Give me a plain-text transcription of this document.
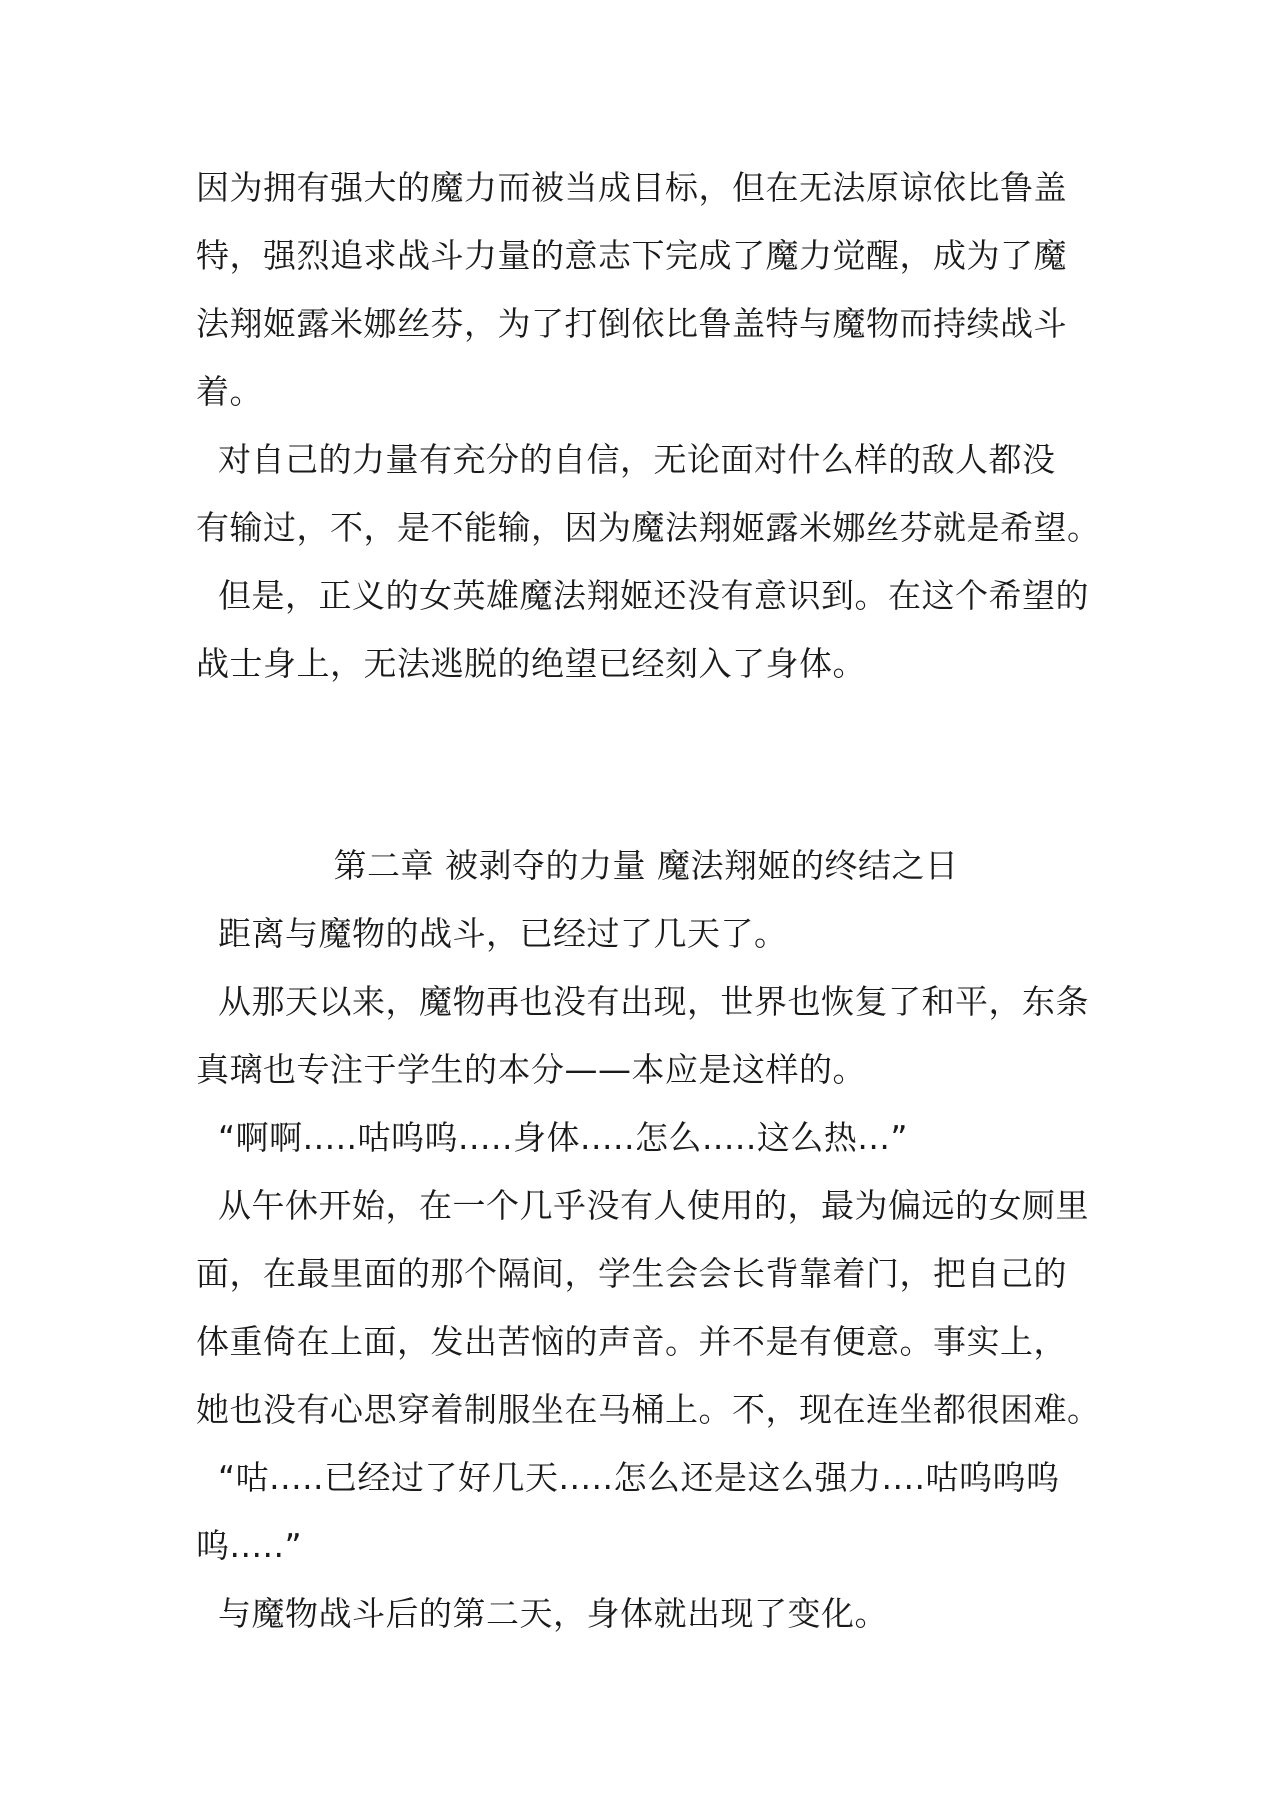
因为拥有强大的魔力而被当成目标，但在无法原谅依比鲁盖
特，强烈追求战斗力量的意志下完成了魔力觉醒，成为了魔
法翔姬露米娜丝芬，为了打倒依比鲁盖特与魔物而持续战斗
着。
对自己的力量有充分的自信，无论面对什么样的敌人都没
有输过，不，是不能输，因为魔法翔姬露米娜丝芬就是希望。
但是，正义的女英雄魔法翔姬还没有意识到。在这个希望的
战士身上，无法逃脱的绝望已经刻入了身体。
第二章 被剥夺的力量 魔法翔姬的终结之日
距离与魔物的战斗，已经过了几天了。
从那天以来，魔物再也没有出现，世界也恢复了和平，东条
真璃也专注于学生的本分——本应是这样的。
“啊啊.....咕呜呜.....身体.....怎么.....这么热...”
从午休开始，在一个几乎没有人使用的，最为偏远的女厕里
面，在最里面的那个隔间，学生会会长背靠着门，把自己的
体重倚在上面，发出苦恼的声音。并不是有便意。事实上，
她也没有心思穿着制服坐在马桶上。不，现在连坐都很困难。
“咕.....已经过了好几天.....怎么还是这么强力....咕呜呜呜
呜.....”
与魔物战斗后的第二天，身体就出现了变化。
